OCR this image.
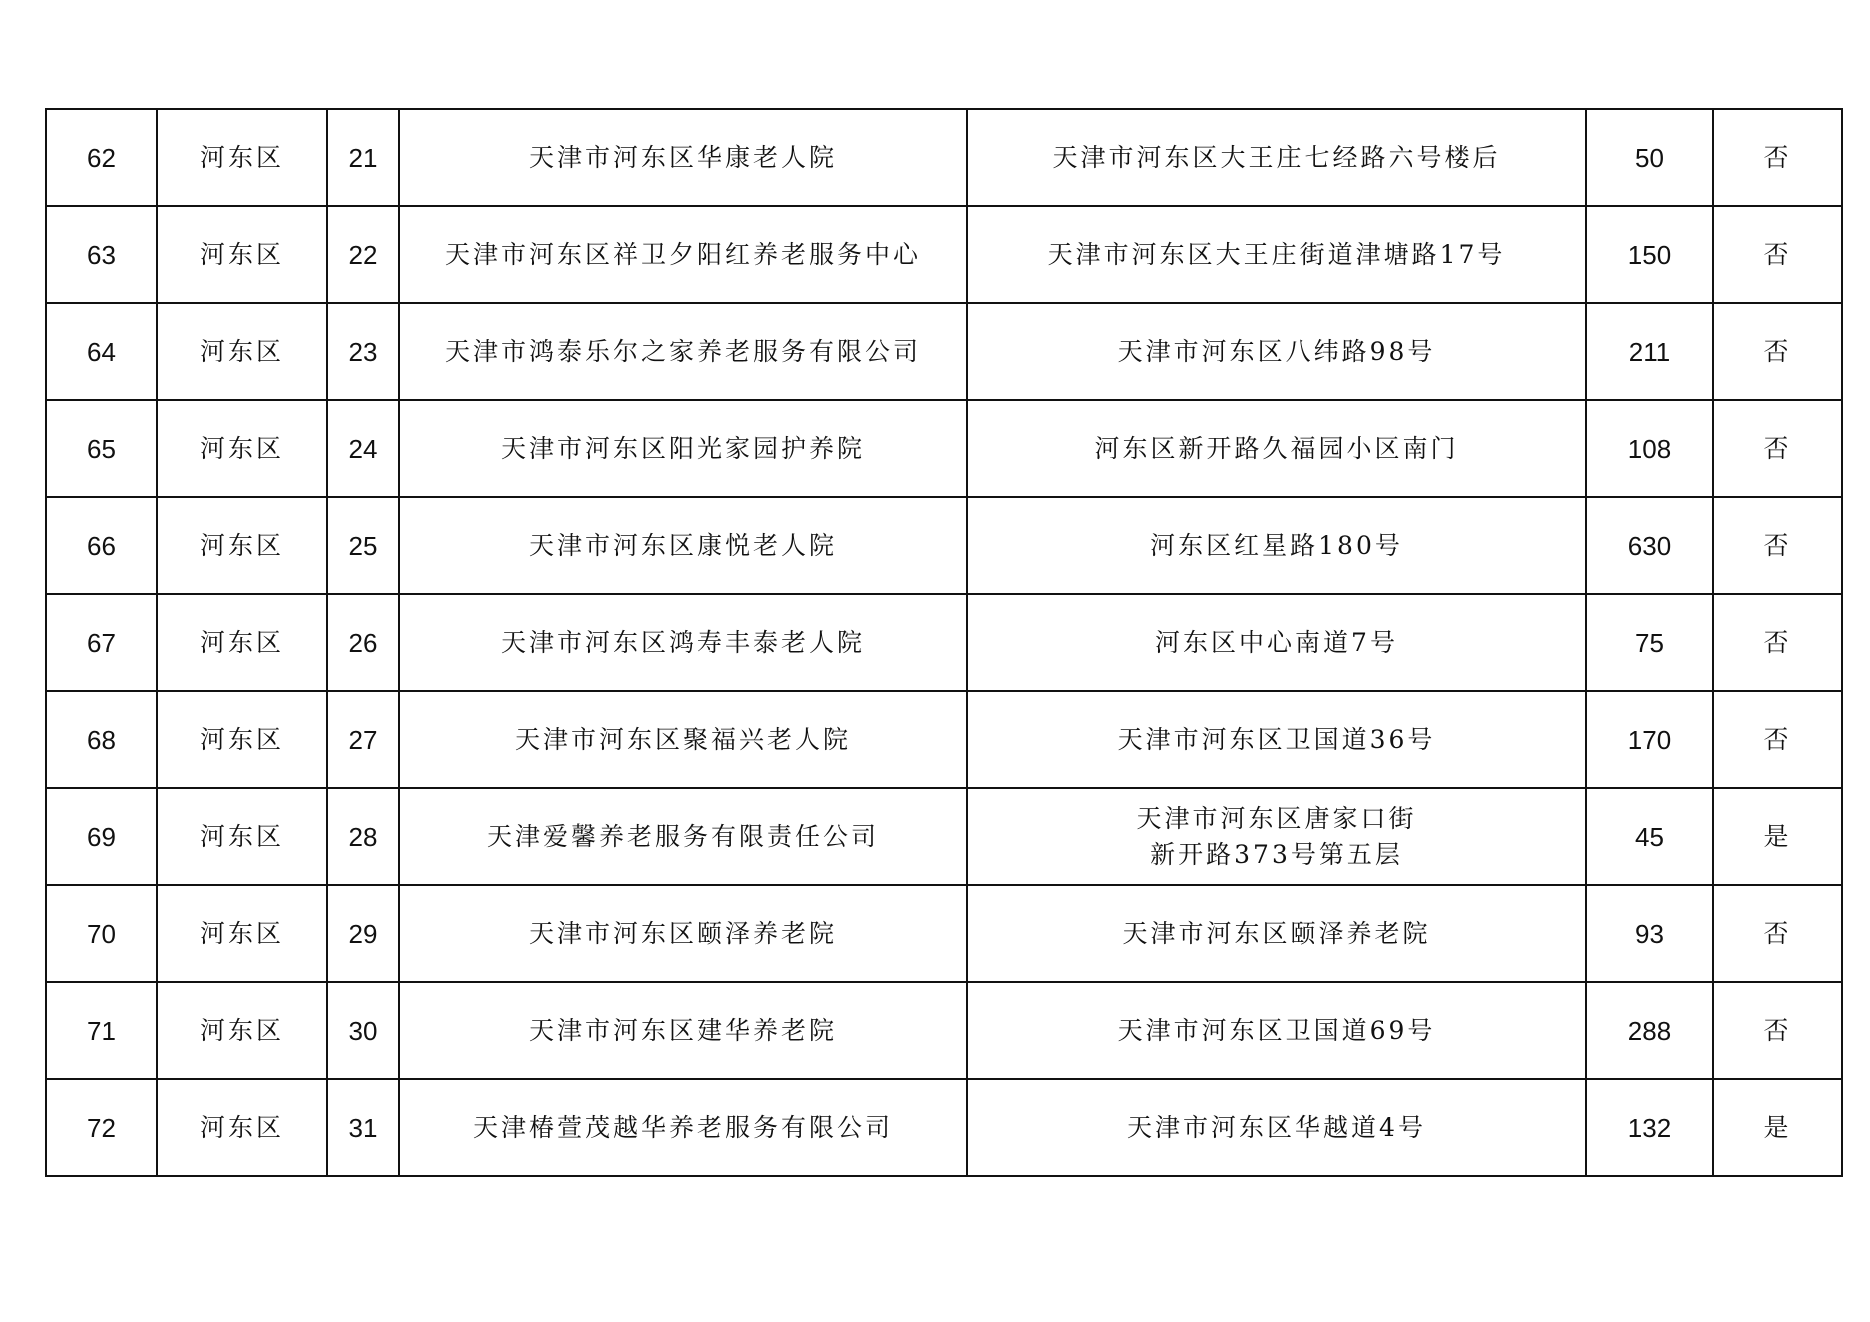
62	河东区	21	天津市河东区华康老人院	天津市河东区大王庄七经路六号楼后	50	否
63	河东区	22	天津市河东区祥卫夕阳红养老服务中心	天津市河东区大王庄街道津塘路17号	150	否
64	河东区	23	天津市鸿泰乐尔之家养老服务有限公司	天津市河东区八纬路98号	211	否
65	河东区	24	天津市河东区阳光家园护养院	河东区新开路久福园小区南门	108	否
66	河东区	25	天津市河东区康悦老人院	河东区红星路180号	630	否
67	河东区	26	天津市河东区鸿寿丰泰老人院	河东区中心南道7号	75	否
68	河东区	27	天津市河东区聚福兴老人院	天津市河东区卫国道36号	170	否
69	河东区	28	天津爱馨养老服务有限责任公司	天津市河东区唐家口街
新开路373号第五层	45	是
70	河东区	29	天津市河东区颐泽养老院	天津市河东区颐泽养老院	93	否
71	河东区	30	天津市河东区建华养老院	天津市河东区卫国道69号	288	否
72	河东区	31	天津椿萱茂越华养老服务有限公司	天津市河东区华越道4号	132	是
